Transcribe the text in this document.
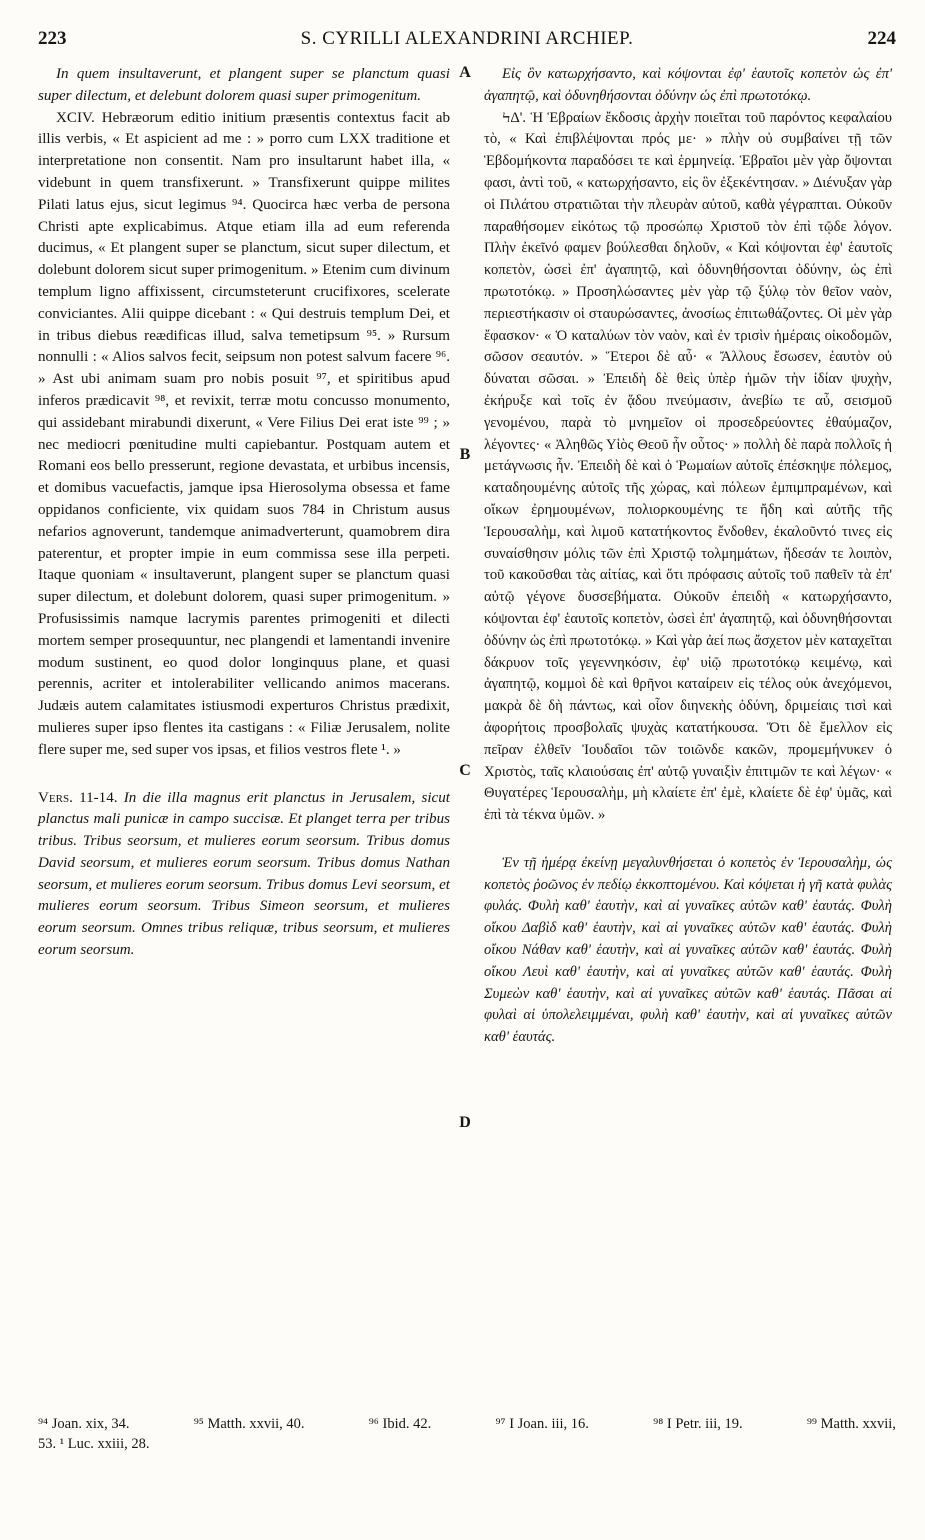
223	S. CYRILLI ALEXANDRINI ARCHIEP.	224
A
B
C
D

In quem insultaverunt, et plangent super se planctum quasi super dilectum, et delebunt dolorem quasi super primogenitum.

XCIV. Hebræorum editio initium præsentis contextus facit ab illis verbis, « Et aspicient ad me : » porro cum LXX traditione et interpretatione non consentit. Nam pro insultarunt habet illa, « videbunt in quem transfixerunt. » Transfixerunt quippe milites Pilati latus ejus, sicut legimus ⁹⁴. Quocirca hæc verba de persona Christi apte explicabimus. Atque etiam illa ad eum referenda ducimus, « Et plangent super se planctum, sicut super dilectum, et dolebunt dolorem sicut super primogenitum. » Etenim cum divinum templum ligno affixissent, circumsteterunt crucifixores, scelerate conviciantes. Alii quippe dicebant : « Qui destruis templum Dei, et in tribus diebus reædificas illud, salva temetipsum ⁹⁵. » Rursum nonnulli : « Alios salvos fecit, seipsum non potest salvum facere ⁹⁶. » Ast ubi animam suam pro nobis posuit ⁹⁷, et spiritibus apud inferos prædicavit ⁹⁸, et revixit, terræ motu concusso monumento, qui assidebant mirabundi dixerunt, « Vere Filius Dei erat iste ⁹⁹ ; » nec mediocri pœnitudine multi capiebantur. Postquam autem et Romani eos bello presserunt, regione devastata, et urbibus incensis, et domibus vacuefactis, jamque ipsa Hierosolyma obsessa et fame oppidanos conficiente, vix quidam suos 784 in Christum ausus nefarios agnoverunt, tandemque animadverterunt, quamobrem dira paterentur, et propter impie in eum commissa sese illa perpeti. Itaque quoniam « insultaverunt, plangent super se planctum quasi super dilectum, et dolebunt dolorem, quasi super primogenitum. » Profusissimis namque lacrymis parentes primogeniti et dilecti mortem semper prosequuntur, nec plangendi et lamentandi invenire modum sustinent, eo quod dolor longinquus plane, et quasi perennis, acriter et intolerabiliter vellicando animos macerans. Judæis autem calamitates istiusmodi experturos Christus prædixit, mulieres super ipso flentes ita castigans : « Filiæ Jerusalem, nolite flere super me, sed super vos ipsas, et filios vestros flete ¹. »

Vers. 11-14. In die illa magnus erit planctus in Jerusalem, sicut planctus mali punicæ in campo succisæ. Et planget terra per tribus tribus. Tribus seorsum, et mulieres eorum seorsum. Tribus domus David seorsum, et mulieres eorum seorsum. Tribus domus Nathan seorsum, et mulieres eorum seorsum. Tribus domus Levi seorsum, et mulieres eorum seorsum. Tribus Simeon seorsum, et mulieres eorum seorsum. Omnes tribus reliquæ, tribus seorsum, et mulieres eorum seorsum.

Εἰς ὃν κατωρχήσαντο, καὶ κόψονται ἐφ' ἑαυτοῖς κοπετὸν ὡς ἐπ' ἀγαπητῷ, καὶ ὀδυνηθήσονται ὀδύνην ὡς ἐπὶ πρωτοτόκῳ.

ϞΔ'. Ἡ Ἑβραίων ἔκδοσις ἀρχὴν ποιεῖται τοῦ παρόντος κεφαλαίου τὸ, « Καὶ ἐπιβλέψονται πρός με· » πλὴν οὐ συμβαίνει τῇ τῶν Ἑβδομήκοντα παραδόσει τε καὶ ἑρμηνείᾳ. Ἑβραῖοι μὲν γὰρ ὄψονται φασι, ἀντὶ τοῦ, « κατωρχήσαντο, εἰς ὃν ἐξεκέντησαν. » Διένυξαν γὰρ οἱ Πιλάτου στρατιῶται τὴν πλευρὰν αὐτοῦ, καθὰ γέγραπται. Οὐκοῦν παραθήσομεν εἰκότως τῷ προσώπῳ Χριστοῦ τὸν ἐπὶ τῷδε λόγον. Πλὴν ἐκεῖνό φαμεν βούλεσθαι δηλοῦν, « Καὶ κόψονται ἐφ' ἑαυτοῖς κοπετὸν, ὡσεὶ ἐπ' ἀγαπητῷ, καὶ ὀδυνηθήσονται ὀδύνην, ὡς ἐπὶ πρωτοτόκῳ. » Προσηλώσαντες μὲν γὰρ τῷ ξύλῳ τὸν θεῖον ναὸν, περιεστήκασιν οἱ σταυρώσαντες, ἀνοσίως ἐπιτωθάζοντες. Οἱ μὲν γὰρ ἔφασκον· « Ὁ καταλύων τὸν ναὸν, καὶ ἐν τρισὶν ἡμέραις οἰκοδομῶν, σῶσον σεαυτόν. » Ἕτεροι δὲ αὖ· « Ἄλλους ἔσωσεν, ἑαυτὸν οὐ δύναται σῶσαι. » Ἐπειδὴ δὲ θεὶς ὑπὲρ ἡμῶν τὴν ἰδίαν ψυχὴν, ἐκήρυξε καὶ τοῖς ἐν ᾅδου πνεύμασιν, ἀνεβίω τε αὖ, σεισμοῦ γενομένου, παρὰ τὸ μνημεῖον οἱ προσεδρεύοντες ἐθαύμαζον, λέγοντες· « Ἀληθῶς Υἱὸς Θεοῦ ἦν οὗτος· » πολλὴ δὲ παρὰ πολλοῖς ἡ μετάγνωσις ἦν. Ἐπειδὴ δὲ καὶ ὁ Ῥωμαίων αὐτοῖς ἐπέσκηψε πόλεμος, καταδηουμένης αὐτοῖς τῆς χώρας, καὶ πόλεων ἐμπιμπραμένων, καὶ οἴκων ἐρημουμένων, πολιορκουμένης τε ἤδη καὶ αὐτῆς τῆς Ἱερουσαλὴμ, καὶ λιμοῦ κατατήκοντος ἔνδοθεν, ἐκαλοῦντό τινες εἰς συναίσθησιν μόλις τῶν ἐπὶ Χριστῷ τολμημάτων, ἤδεσάν τε λοιπὸν, τοῦ κακοῦσθαι τὰς αἰτίας, καὶ ὅτι πρόφασις αὐτοῖς τοῦ παθεῖν τὰ ἐπ' αὐτῷ γέγονε δυσσεβήματα. Οὐκοῦν ἐπειδὴ « κατωρχήσαντο, κόψονται ἐφ' ἑαυτοῖς κοπετὸν, ὡσεὶ ἐπ' ἀγαπητῷ, καὶ ὀδυνηθήσονται ὀδύνην ὡς ἐπὶ πρωτοτόκῳ. » Καὶ γὰρ ἀεί πως ἄσχετον μὲν καταχεῖται δάκρυον τοῖς γεγεννηκόσιν, ἐφ' υἱῷ πρωτοτόκῳ κειμένῳ, καὶ ἀγαπητῷ, κομμοὶ δὲ καὶ θρῆνοι καταίρειν εἰς τέλος οὐκ ἀνεχόμενοι, μακρὰ δὲ δὴ πάντως, καὶ οἷον διηνεκὴς ὀδύνη, δριμείαις τισὶ καὶ ἀφορήτοις προσβολαῖς ψυχὰς κατατήκουσα. Ὅτι δὲ ἔμελλον εἰς πεῖραν ἐλθεῖν Ἰουδαῖοι τῶν τοιῶνδε κακῶν, προμεμήνυκεν ὁ Χριστὸς, ταῖς κλαιούσαις ἐπ' αὐτῷ γυναιξὶν ἐπιτιμῶν τε καὶ λέγων· « Θυγατέρες Ἱερουσαλὴμ, μὴ κλαίετε ἐπ' ἐμὲ, κλαίετε δὲ ἐφ' ὑμᾶς, καὶ ἐπὶ τὰ τέκνα ὑμῶν. »

Ἐν τῇ ἡμέρᾳ ἐκείνῃ μεγαλυνθήσεται ὁ κοπετὸς ἐν Ἱερουσαλὴμ, ὡς κοπετὸς ῥοῶνος ἐν πεδίῳ ἐκκοπτομένου. Καὶ κόψεται ἡ γῆ κατὰ φυλὰς φυλάς. Φυλὴ καθ' ἑαυτὴν, καὶ αἱ γυναῖκες αὐτῶν καθ' ἑαυτάς. Φυλὴ οἴκου Δαβὶδ καθ' ἑαυτὴν, καὶ αἱ γυναῖκες αὐτῶν καθ' ἑαυτάς. Φυλὴ οἴκου Νάθαν καθ' ἑαυτὴν, καὶ αἱ γυναῖκες αὐτῶν καθ' ἑαυτάς. Φυλὴ οἴκου Λευὶ καθ' ἑαυτὴν, καὶ αἱ γυναῖκες αὐτῶν καθ' ἑαυτάς. Φυλὴ Συμεὼν καθ' ἑαυτὴν, καὶ αἱ γυναῖκες αὐτῶν καθ' ἑαυτάς. Πᾶσαι αἱ φυλαὶ αἱ ὑπολελειμμέναι, φυλὴ καθ' ἑαυτὴν, καὶ αἱ γυναῖκες αὐτῶν καθ' ἑαυτάς.

⁹⁴ Joan. xix, 34.	⁹⁵ Matth. xxvii, 40.	⁹⁶ Ibid. 42.	⁹⁷ I Joan. iii, 16.	⁹⁸ I Petr. iii, 19.	⁹⁹ Matth. xxvii,
53. ¹ Luc. xxiii, 28.
